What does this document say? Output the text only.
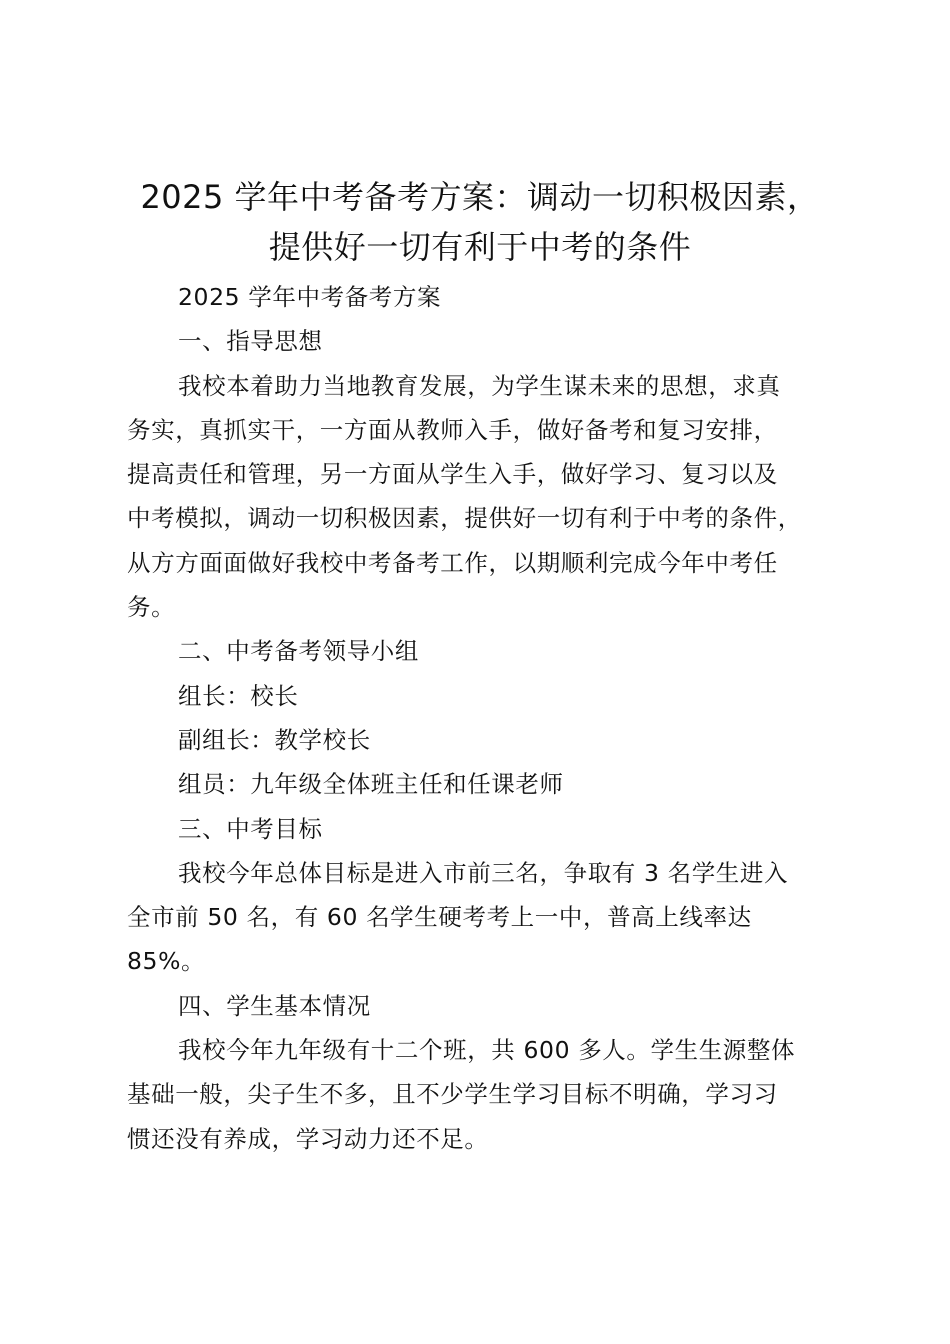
2025 学年中考备考方案：调动一切积极因素，
提供好一切有利于中考的条件

2025 学年中考备考方案

一、指导思想

我校本着助力当地教育发展，为学生谋未来的思想，求真
务实，真抓实干，一方面从教师入手，做好备考和复习安排，
提高责任和管理，另一方面从学生入手，做好学习、复习以及
中考模拟，调动一切积极因素，提供好一切有利于中考的条件，
从方方面面做好我校中考备考工作，以期顺利完成今年中考任
务。

二、中考备考领导小组

组长：校长

副组长：教学校长

组员：九年级全体班主任和任课老师

三、中考目标

我校今年总体目标是进入市前三名，争取有 3 名学生进入
全市前 50 名，有 60 名学生硬考考上一中，普高上线率达
85%。

四、学生基本情况

我校今年九年级有十二个班，共 600 多人。学生生源整体
基础一般，尖子生不多，且不少学生学习目标不明确，学习习
惯还没有养成，学习动力还不足。
